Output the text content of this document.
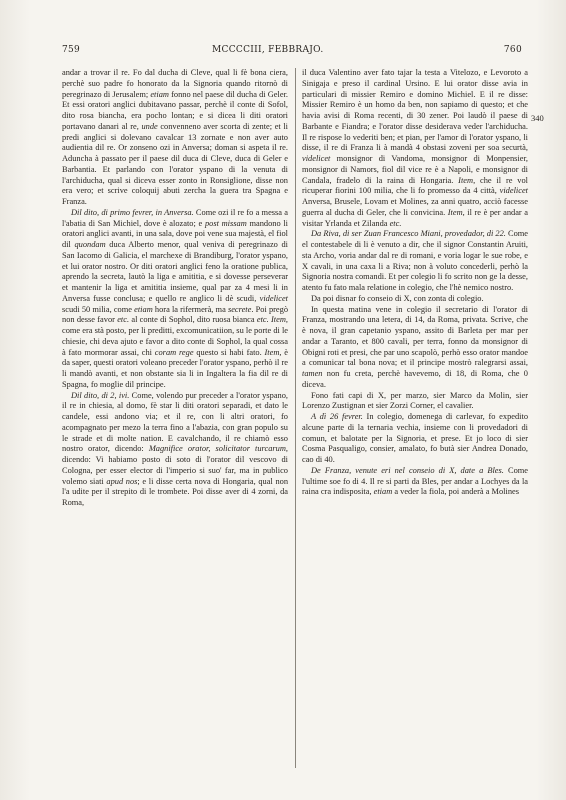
759	MCCCCIII, FEBBRAJO.	760

andar a trovar il re. Fo dal ducha di Cleve, qual li fè bona ciera, perchè suo padre fo honorato da la Signoria quando ritornò di peregrinazo di Jerusalem; etiam fonno nel paese dil ducha di Geler. Et essi oratori anglici dubitavano passar, perchè il conte di Sofol, dito rosa biancha, era pocho lontan; e si dicea li diti oratori portavano danari al re, unde convenneno aver scorta di zente; et li predi anglici si dolevano cavalcar 13 zornate e non aver auto audientia dil re. Or zonseno ozi in Anversa; doman si aspeta il re. Aduncha à passato per il paese dil duca di Cleve, duca di Geler e Barbantia. Et parlando con l'orator yspano di la venuta di l'archiducha, qual si diceva esser zonto in Ronsiglione, disse non era vero; et scrive coloquij abuti zercha la guera tra Spagna e Franza.

Dil dito, di primo fevrer, in Anversa. Come ozi il re fo a messa a l'abatia di San Michiel, dove è alozato; e post missam mandono li oratori anglici avanti, in una sala, dove poi vene sua majestà, el fiol dil quondam duca Alberto menor, qual veniva di peregrinazo di San Iacomo di Galicia, el marchexe di Brandiburg, l'orator yspano, et lui orator nostro. Or diti oratori anglici feno la oratione publica, aprendo la secreta, lautò la liga e amititia, e si dovesse perseverar et mantenir la liga et amititia insieme, qual par za 4 mesi li in Anversa fusse conclusa; e quello re anglico li dè scudi, videlicet scudi 50 milia, come etiam hora la rifermerà, ma secrete. Poi pregò non desse favor etc. al conte di Sophol, dito ruosa bianca etc. Item, come era stà posto, per li preditti, excomunicatiion, su le porte di le chiesie, chi deva ajuto e favor a dito conte di Sophol, la qual cossa à fato mormorar assai, chi coram rege questo si habi fato. Item, è da saper, questi oratori voleano preceder l'orator yspano, perhò il re li mandò avanti, et non obstante sia li in Ingaltera la fia dil re di Spagna, fo moglie dil principe.

Dil dito, di 2, ivi. Come, volendo pur preceder a l'orator yspano, il re in chiesia, al domo, fè star li diti oratori separadi, et dato le candele, essi andono via; et il re, con li altri oratori, fo acompagnato per mezo la terra fino a l'abazia, con gran populo su le strade et di molte nation. E cavalchando, il re chiamò esso nostro orator, dicendo: Magnifice orator, solicitator turcarum, dicendo: Vi habiamo posto di soto di l'orator dil vescovo di Cologna, per esser elector di l'imperio si suo' far, ma in publico volemo siati apud nos; e li disse certa nova di Hongaria, qual non l'a udite per il strepito di le trombete. Poi disse aver di 4 zorni, da Roma,

il duca Valentino aver fato tajar la testa a Vitelozo, e Levoroto a Sinigaja e preso il cardinal Ursino. E lui orator disse avia in particulari di missier Remiro e domino Michiel. E il re disse: Missier Remiro è un homo da ben, non sapiamo di questo; et che havia avisi di Roma recenti, di 30 zener. Poi laudò il paese di Barbante e Fiandra; e l'orator disse desiderava veder l'archiducha. Il re rispose lo vederiti ben; et pian, per l'amor di l'orator yspano, li disse, il re di Franza li à mandà 4 obstasi zoveni per soa securtà, videlicet monsignor di Vandoma, monsignor di Monpensier, monsignor di Namors, fiol dil vice re è a Napoli, e monsignor di Candala, fradelo di la raina di Hongaria. Item, che il re vol ricuperar fiorini 100 milia, che li fo promesso da 4 città, videlicet Anversa, Brusele, Lovam et Molines, za anni quatro, acciò facesse guerra al ducha di Geler, che li convicina. Item, il re è per andar a visitar Yrlanda et Zilanda etc.

Da Riva, di ser Zuan Francesco Miani, provedador, di 22. Come el contestabele di li è venuto a dir, che il signor Constantin Aruiti, sta Archo, voria andar dal re di romani, e voria logar le sue robe, e X cavali, in una caxa li a Riva; non à voluto concederli, perhò la Signoria nostra comandi. Et per colegio li fo scrito non ge la desse, atento fu fato mala relatione in colegio, che l'hè nemico nostro.

Da poi disnar fo conseio di X, con zonta di colegio.

In questa matina vene in colegio il secretario di l'orator di Franza, mostrando una letera, di 14, da Roma, privata. Scrive, che è nova, il gran capetanio yspano, assito di Barleta per mar per andar a Taranto, et 800 cavali, per terra, fonno da monsignor di Obigni roti et presi, che par uno scapolò, perhò esso orator mandoe a comunicar tal bona nova; et il principe mostrò ralegrarsi assai, tamen non fu creta, perchè havevemo, di 18, di Roma, che 0 diceva.

Fono fati capi di X, per marzo, sier Marco da Molin, sier Lorenzo Zustignan et sier Zorzi Corner, el cavalier.

A dì 26 fevrer. In colegio, domenega di carlevar, fo expedito alcune parte di la ternaria vechia, insieme con li provedadori di comun, et balotate per la Signoria, et prese. Et jo loco di sier Cosma Pasqualigo, consier, amalato, fo butà sier Andrea Donado, cao di 40.

De Franza, venute eri nel conseio di X, date a Bles. Come l'ultime soe fo di 4. Il re si parti da Bles, per andar a Lochyes da la raina cra indisposita, etiam a veder la fiola, poi anderà a Molines

340
